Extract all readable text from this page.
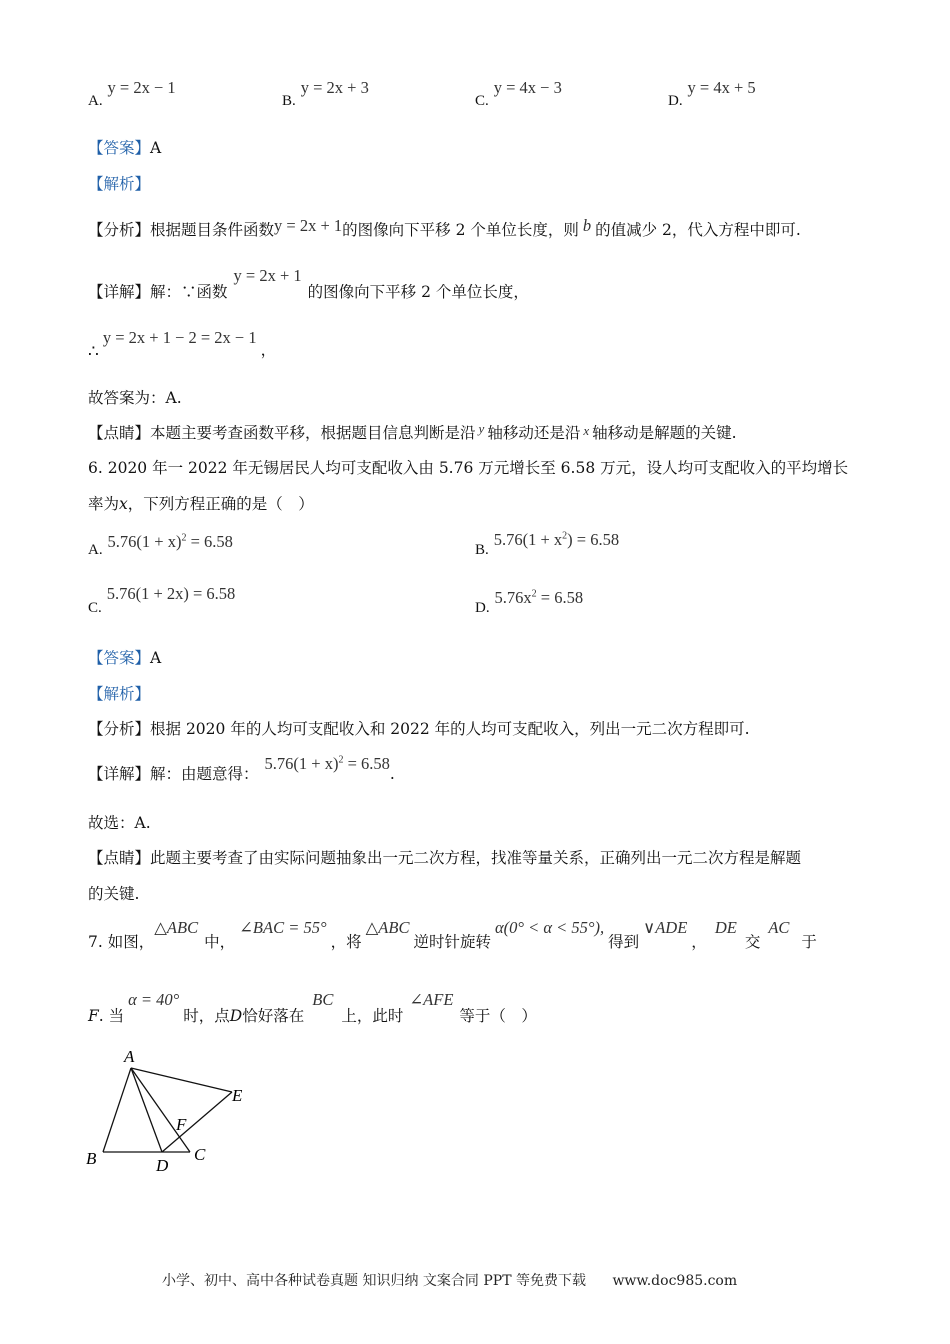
A. y = 2x − 1
B. y = 2x + 3
C. y = 4x − 3
D. y = 4x + 5
【答案】A
【解析】
【分析】根据题目条件函数y = 2x + 1的图像向下平移 2 个单位长度，则 b 的值减少 2，代入方程中即可.
【详解】解：∵函数y = 2x + 1的图像向下平移 2 个单位长度，
∴y = 2x + 1 − 2 = 2x − 1，
故答案为：A.
【点睛】本题主要考查函数平移，根据题目信息判断是沿 $^y$ 轴移动还是沿 x 轴移动是解题的关键.
6. 2020 年一 2022 年无锡居民人均可支配收入由 5.76 万元增长至 6.58 万元，设人均可支配收入的平均增长
率为x，下列方程正确的是（　）
A. $5.76(1 + x)^2 = 6.58$	B. $5.76(1 + x^2) = 6.58$
C. 5.76(1 + 2x) = 6.58
D. $5.76x^2 = 6.58$
【答案】A
【解析】
【分析】根据 2020 年的人均可支配收入和 2022 年的人均可支配收入，列出一元二次方程即可.
【详解】解：由题意得：$5.76(1 + x)^2 = 6.58$.
故选：A.
【点睛】此题主要考查了由实际问题抽象出一元二次方程，找准等量关系，正确列出一元二次方程是解题
的关键.
7. 如图，△ABC中，∠BAC = 55°，将△ABC逆时针旋转α(0° < α < 55°),得到∨ADE，DE交AC于
F. 当α = 40°时，点D恰好落在BC上，此时∠AFE等于（　）
A
B	C
D
E
F
小学、初中、高中各种试卷真题 知识归纳 文案合同 PPT 等免费下载 www.doc985.com
